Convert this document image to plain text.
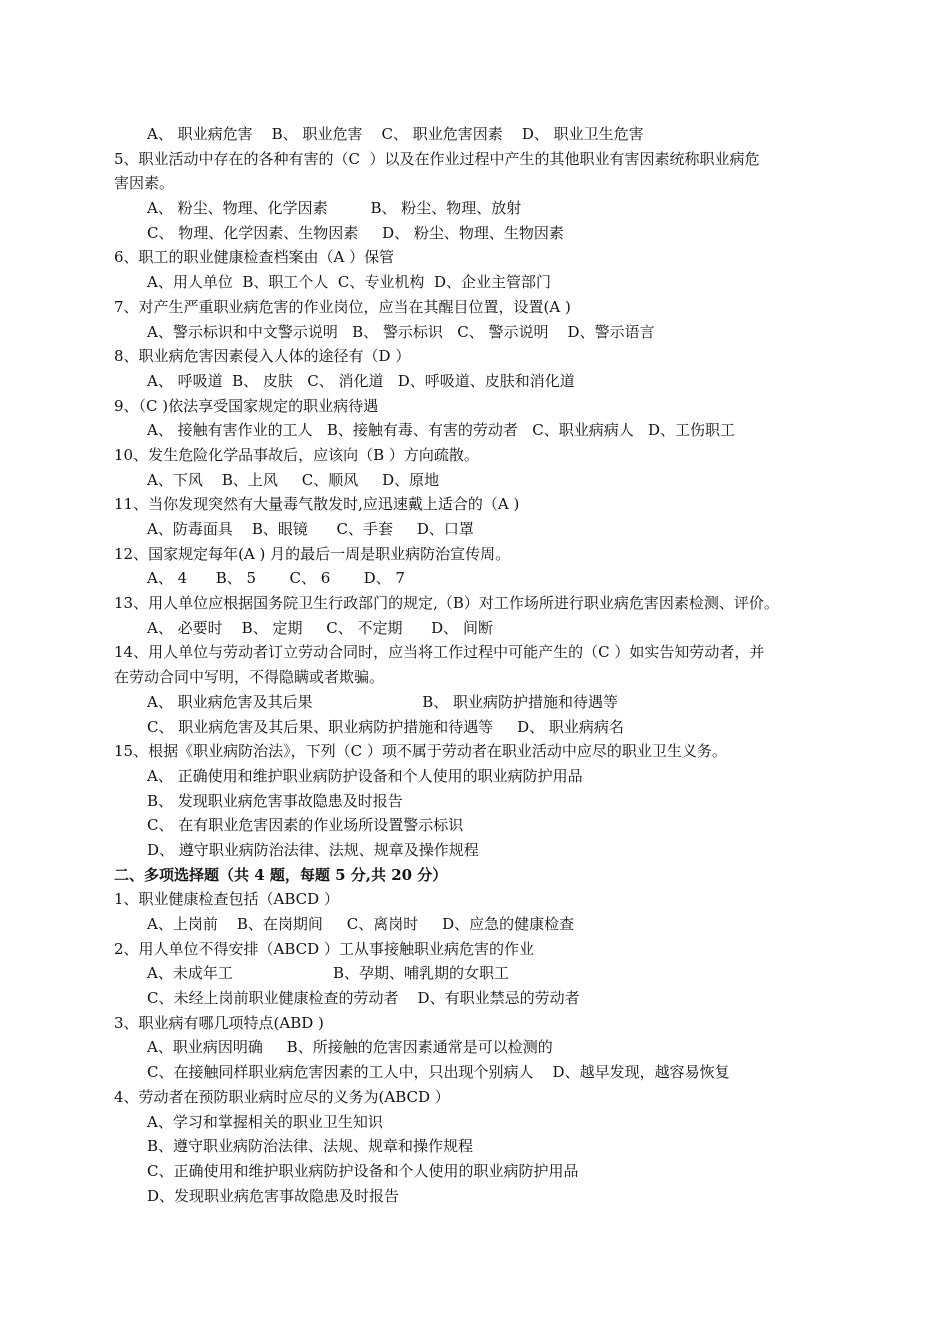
A、 职业病危害    B、 职业危害    C、 职业危害因素    D、 职业卫生危害
5、职业活动中存在的各种有害的（C  ）以及在作业过程中产生的其他职业有害因素统称职业病危
害因素。
A、 粉尘、物理、化学因素         B、 粉尘、物理、放射
C、 物理、化学因素、生物因素     D、 粉尘、物理、生物因素
6、职工的职业健康检查档案由（A ）保管
A、用人单位  B、职工个人  C、专业机构  D、企业主管部门
7、对产生严重职业病危害的作业岗位，应当在其醒目位置，设置(A )
A、警示标识和中文警示说明   B、 警示标识   C、 警示说明    D、警示语言
8、职业病危害因素侵入人体的途径有（D ）
A、 呼吸道  B、 皮肤   C、 消化道   D、呼吸道、皮肤和消化道
9、（C )依法享受国家规定的职业病待遇
A、 接触有害作业的工人   B、接触有毒、有害的劳动者   C、职业病病人   D、工伤职工
10、发生危险化学品事故后，应该向（B ）方向疏散。
A、下风    B、上风     C、顺风     D、原地
11、当你发现突然有大量毒气散发时,应迅速戴上适合的（A )
A、防毒面具    B、眼镜      C、手套     D、口罩
12、国家规定每年(A ) 月的最后一周是职业病防治宣传周。
A、 4      B、 5       C、 6       D、 7
13、用人单位应根据国务院卫生行政部门的规定,（B）对工作场所进行职业病危害因素检测、评价。
A、 必要时    B、 定期     C、 不定期      D、 间断
14、用人单位与劳动者订立劳动合同时，应当将工作过程中可能产生的（C ）如实告知劳动者，并
在劳动合同中写明，不得隐瞒或者欺骗。
A、 职业病危害及其后果                       B、 职业病防护措施和待遇等
C、 职业病危害及其后果、职业病防护措施和待遇等     D、 职业病病名
15、根据《职业病防治法》，下列（C ）项不属于劳动者在职业活动中应尽的职业卫生义务。
A、 正确使用和维护职业病防护设备和个人使用的职业病防护用品
B、 发现职业病危害事故隐患及时报告
C、 在有职业危害因素的作业场所设置警示标识
D、 遵守职业病防治法律、法规、规章及操作规程
二、多项选择题（共 4 题，每题 5 分,共 20 分）
1、职业健康检查包括（ABCD ）
A、上岗前    B、在岗期间     C、离岗时     D、应急的健康检查
2、用人单位不得安排（ABCD ）工从事接触职业病危害的作业
A、未成年工                     B、孕期、哺乳期的女职工
C、未经上岗前职业健康检查的劳动者    D、有职业禁忌的劳动者
3、职业病有哪几项特点(ABD )
A、职业病因明确     B、所接触的危害因素通常是可以检测的
C、在接触同样职业病危害因素的工人中，只出现个别病人    D、越早发现，越容易恢复
4、劳动者在预防职业病时应尽的义务为(ABCD ）
A、学习和掌握相关的职业卫生知识
B、遵守职业病防治法律、法规、规章和操作规程
C、正确使用和维护职业病防护设备和个人使用的职业病防护用品
D、发现职业病危害事故隐患及时报告
